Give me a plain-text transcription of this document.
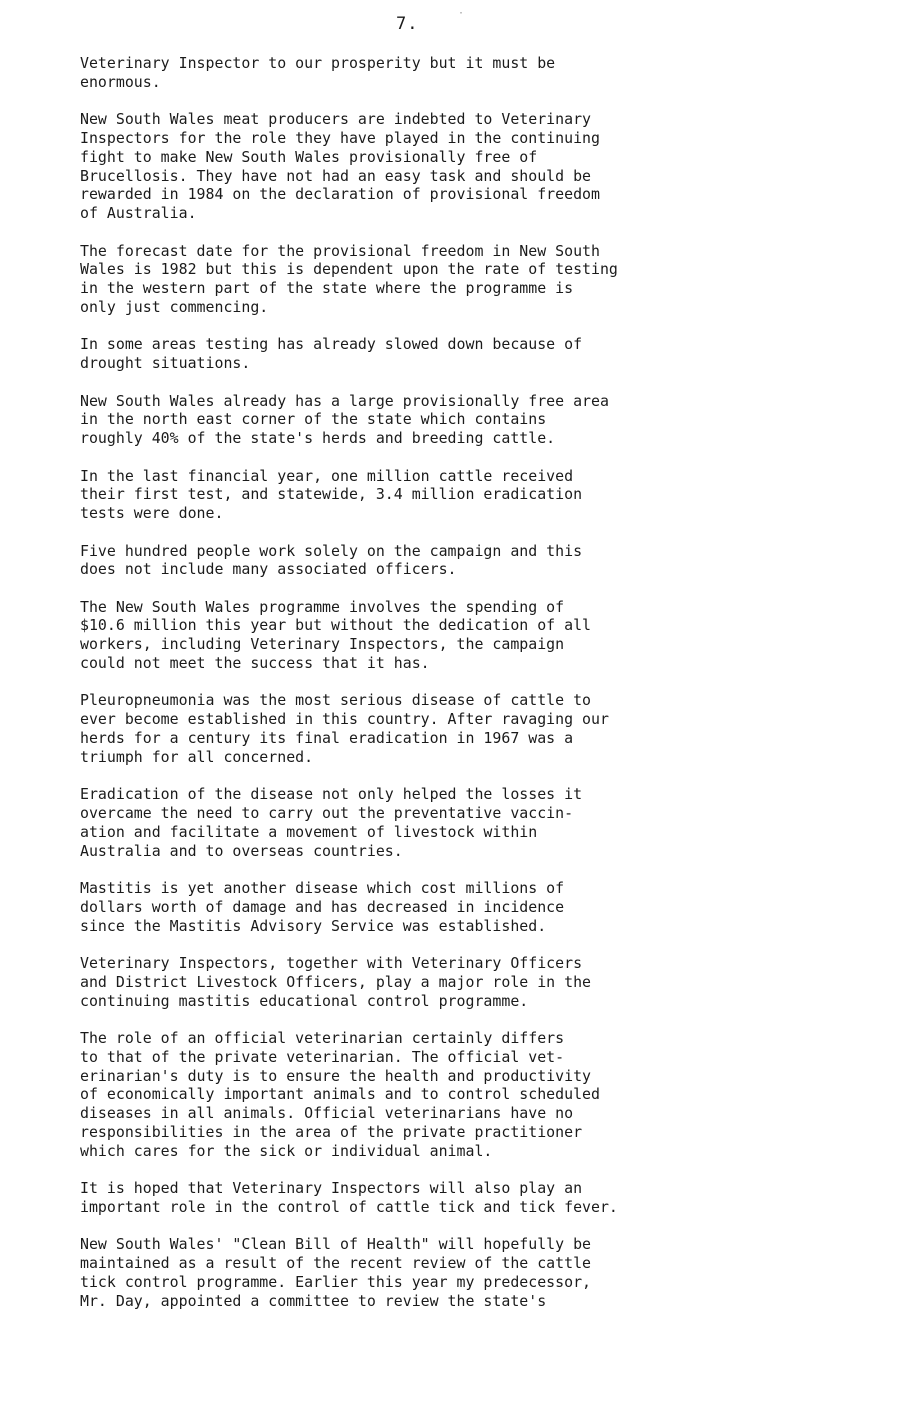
7.
·

Veterinary Inspector to our prosperity but it must be
enormous.

New South Wales meat producers are indebted to Veterinary
Inspectors for the role they have played in the continuing
fight to make New South Wales provisionally free of
Brucellosis. They have not had an easy task and should be
rewarded in 1984 on the declaration of provisional freedom
of Australia.

The forecast date for the provisional freedom in New South
Wales is 1982 but this is dependent upon the rate of testing
in the western part of the state where the programme is
only just commencing.

In some areas testing has already slowed down because of
drought situations.

New South Wales already has a large provisionally free area
in the north east corner of the state which contains
roughly 40% of the state's herds and breeding cattle.

In the last financial year, one million cattle received
their first test, and statewide, 3.4 million eradication
tests were done.

Five hundred people work solely on the campaign and this
does not include many associated officers.

The New South Wales programme involves the spending of
$10.6 million this year but without the dedication of all
workers, including Veterinary Inspectors, the campaign
could not meet the success that it has.

Pleuropneumonia was the most serious disease of cattle to
ever become established in this country. After ravaging our
herds for a century its final eradication in 1967 was a
triumph for all concerned.

Eradication of the disease not only helped the losses it
overcame the need to carry out the preventative vaccin-
ation and facilitate a movement of livestock within
Australia and to overseas countries.

Mastitis is yet another disease which cost millions of
dollars worth of damage and has decreased in incidence
since the Mastitis Advisory Service was established.

Veterinary Inspectors, together with Veterinary Officers
and District Livestock Officers, play a major role in the
continuing mastitis educational control programme.

The role of an official veterinarian certainly differs
to that of the private veterinarian. The official vet-
erinarian's duty is to ensure the health and productivity
of economically important animals and to control scheduled
diseases in all animals. Official veterinarians have no
responsibilities in the area of the private practitioner
which cares for the sick or individual animal.

It is hoped that Veterinary Inspectors will also play an
important role in the control of cattle tick and tick fever.

New South Wales' "Clean Bill of Health" will hopefully be
maintained as a result of the recent review of the cattle
tick control programme. Earlier this year my predecessor,
Mr. Day, appointed a committee to review the state's
